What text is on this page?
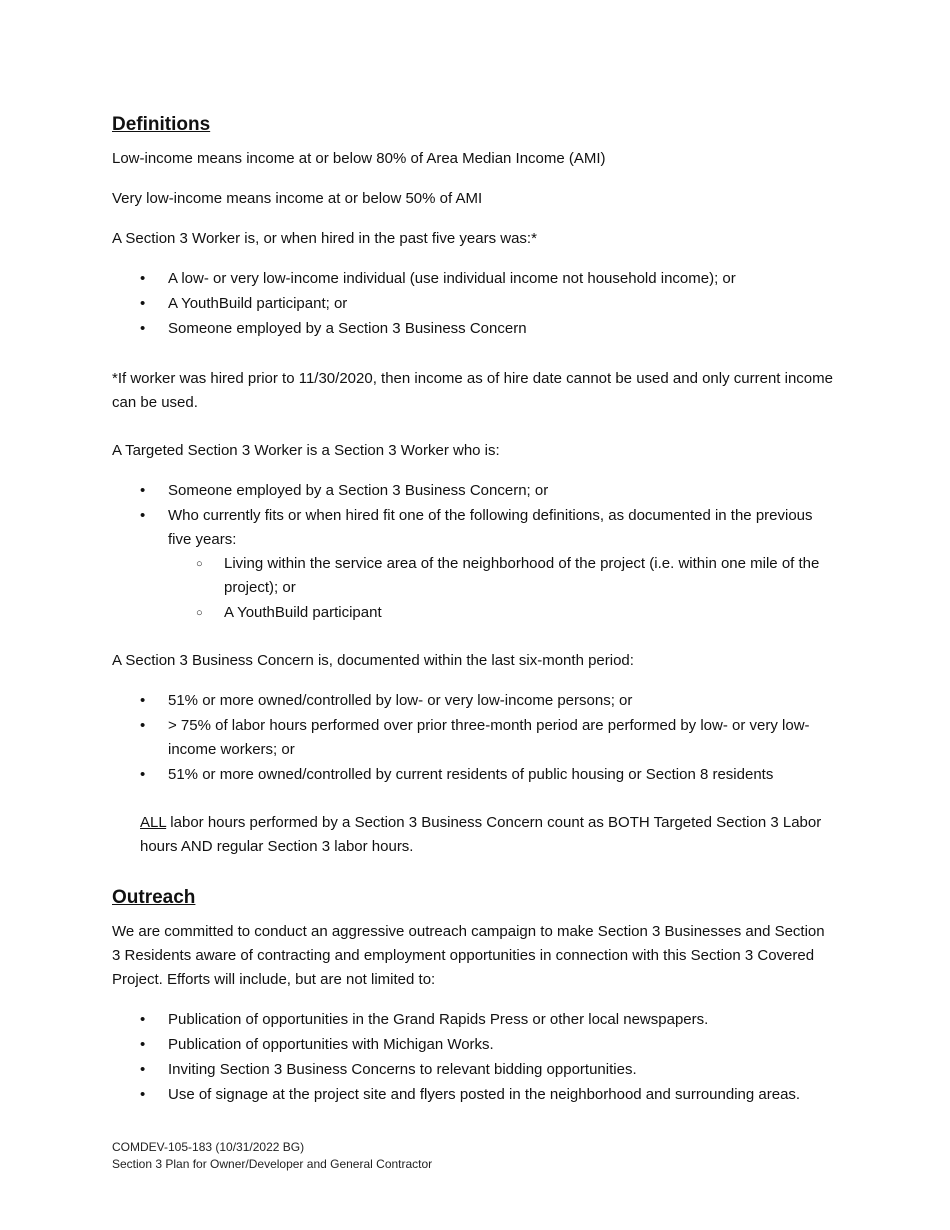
Definitions

Low-income means income at or below 80% of Area Median Income (AMI)

Very low-income means income at or below 50% of AMI

A Section 3 Worker is, or when hired in the past five years was:*

• A low- or very low-income individual (use individual income not household income); or
• A YouthBuild participant; or
• Someone employed by a Section 3 Business Concern

*If worker was hired prior to 11/30/2020, then income as of hire date cannot be used and only current income can be used.

A Targeted Section 3 Worker is a Section 3 Worker who is:

• Someone employed by a Section 3 Business Concern; or
• Who currently fits or when hired fit one of the following definitions, as documented in the previous five years:
○ Living within the service area of the neighborhood of the project (i.e. within one mile of the project); or
○ A YouthBuild participant

A Section 3 Business Concern is, documented within the last six-month period:

• 51% or more owned/controlled by low- or very low-income persons; or
• > 75% of labor hours performed over prior three-month period are performed by low- or very low-income workers; or
• 51% or more owned/controlled by current residents of public housing or Section 8 residents

ALL labor hours performed by a Section 3 Business Concern count as BOTH Targeted Section 3 Labor hours AND regular Section 3 labor hours.

Outreach

We are committed to conduct an aggressive outreach campaign to make Section 3 Businesses and Section 3 Residents aware of contracting and employment opportunities in connection with this Section 3 Covered Project. Efforts will include, but are not limited to:

• Publication of opportunities in the Grand Rapids Press or other local newspapers.
• Publication of opportunities with Michigan Works.
• Inviting Section 3 Business Concerns to relevant bidding opportunities.
• Use of signage at the project site and flyers posted in the neighborhood and surrounding areas.
COMDEV-105-183 (10/31/2022 BG)
Section 3 Plan for Owner/Developer and General Contractor
